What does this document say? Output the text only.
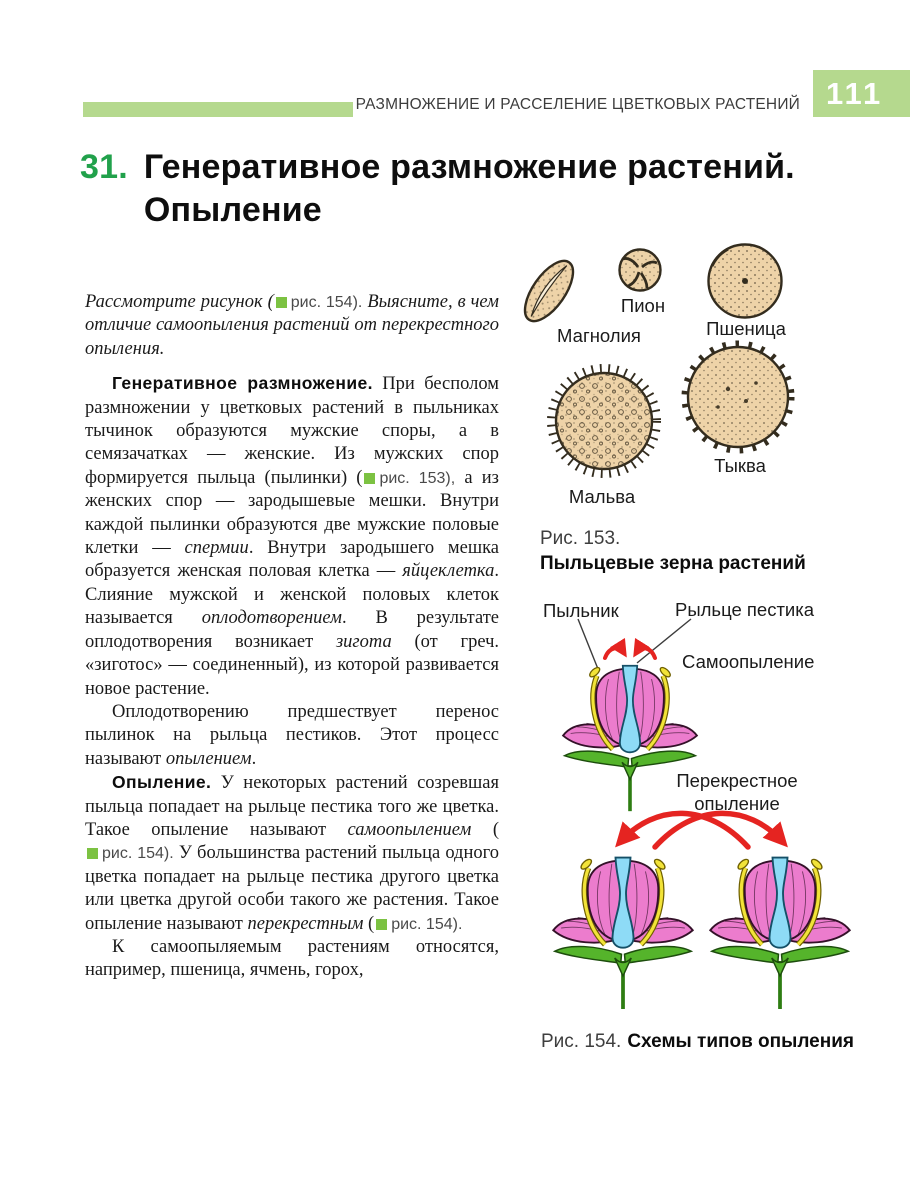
РАЗМНОЖЕНИЕ И РАССЕЛЕНИЕ ЦВЕТКОВЫХ РАСТЕНИЙ 111
31. Генеративное размножение растений.
Опыление

Рассмотрите рисунок ( рис. 154). Выясните, в чем отличие самоопыления растений от перекрестного опыления.

Генеративное размножение. При бесполом размножении у цветковых растений в пыльниках тычинок образуются мужские споры, а в семязачатках — женские. Из мужских спор формируется пыльца (пылинки) ( рис. 153), а из женских спор — зародышевые мешки. Внутри каждой пылинки образуются две мужские половые клетки — спермии. Внутри зародышего мешка образуется женская половая клетка — яйцеклетка. Слияние мужской и женской половых клеток называется оплодотворением. В результате оплодотворения возникает зигота (от греч. «зиготос» — соединенный), из которой развивается новое растение.

Оплодотворению предшествует перенос пылинок на рыльца пестиков. Этот процесс называют опылением.

Опыление. У некоторых растений созревшая пыльца попадает на рыльце пестика того же цветка. Такое опыление называют самоопылением (рис. 154). У большинства растений пыльца одного цветка попадает на рыльце пестика другого цветка или цветка другой особи такого же растения. Такое опыление называют перекрестным ( рис. 154).

К самоопыляемым растениям относятся, например, пшеница, ячмень, горох,

Магнолия
Пион
Пшеница
Мальва
Тыква
Рис. 153.
Пыльцевые зерна растений
Пыльник	Рыльце пестика
Самоопыление
Перекрестное опыление
Рис. 154. Схемы типов опыления
